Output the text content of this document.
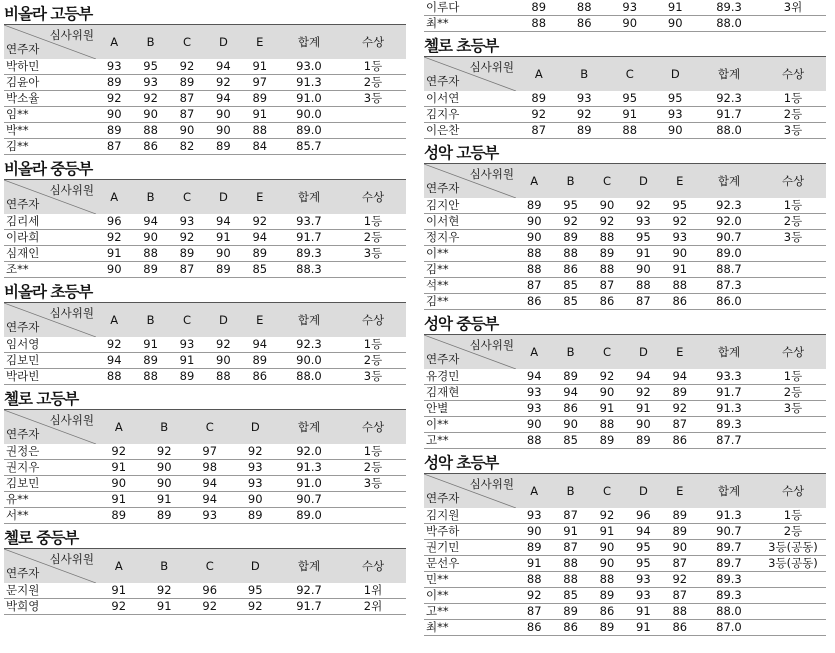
비올라 고등부
심사위원
연주자	A	B	C	D	E	합계	수상
박하민	93	95	92	94	91	93.0	1등
김윤아	89	93	89	92	97	91.3	2등
박소율	92	92	87	94	89	91.0	3등
임**	90	90	87	90	91	90.0	
박**	89	88	90	90	88	89.0	
김**	87	86	82	89	84	85.7	
비올라 중등부
심사위원
연주자	A	B	C	D	E	합계	수상
김리세	96	94	93	94	92	93.7	1등
이라희	92	90	92	91	94	91.7	2등
심재인	91	88	89	90	89	89.3	3등
조**	90	89	87	89	85	88.3	
비올라 초등부
심사위원
연주자	A	B	C	D	E	합계	수상
임서영	92	91	93	92	94	92.3	1등
김보민	94	89	91	90	89	90.0	2등
박라빈	88	88	89	88	86	88.0	3등
첼로 고등부
심사위원
연주자	A	B	C	D	합계	수상
권정은	92	92	97	92	92.0	1등
권지우	91	90	98	93	91.3	2등
김보민	90	90	94	93	91.0	3등
유**	91	91	94	90	90.7	
서**	89	89	93	89	89.0	
첼로 중등부
심사위원
연주자	A	B	C	D	합계	수상
문지원	91	92	96	95	92.7	1위
박희영	92	91	92	92	91.7	2위
이루다	89	88	93	91	89.3	3위
최**	88	86	90	90	88.0	
첼로 초등부
심사위원
연주자	A	B	C	D	합계	수상
이서연	89	93	95	95	92.3	1등
김지우	92	92	91	93	91.7	2등
이은찬	87	89	88	90	88.0	3등
성악 고등부
심사위원
연주자	A	B	C	D	E	합계	수상
김지안	89	95	90	92	95	92.3	1등
이서현	90	92	92	93	92	92.0	2등
정지우	90	89	88	95	93	90.7	3등
이**	88	88	89	91	90	89.0	
김**	88	86	88	90	91	88.7	
석**	87	85	87	88	88	87.3	
김**	86	85	86	87	86	86.0	
성악 중등부
심사위원
연주자	A	B	C	D	E	합계	수상
유경민	94	89	92	94	94	93.3	1등
김재현	93	94	90	92	89	91.7	2등
안별	93	86	91	91	92	91.3	3등
이**	90	90	88	90	87	89.3	
고**	88	85	89	89	86	87.7	
성악 초등부
심사위원
연주자	A	B	C	D	E	합계	수상
김지원	93	87	92	96	89	91.3	1등
박주하	90	91	91	94	89	90.7	2등
권기민	89	87	90	95	90	89.7	3등(공동)
문선우	91	88	90	95	87	89.7	3등(공동)
민**	88	88	88	93	92	89.3	
이**	92	85	89	93	87	89.3	
고**	87	89	86	91	88	88.0	
최**	86	86	89	91	86	87.0	
